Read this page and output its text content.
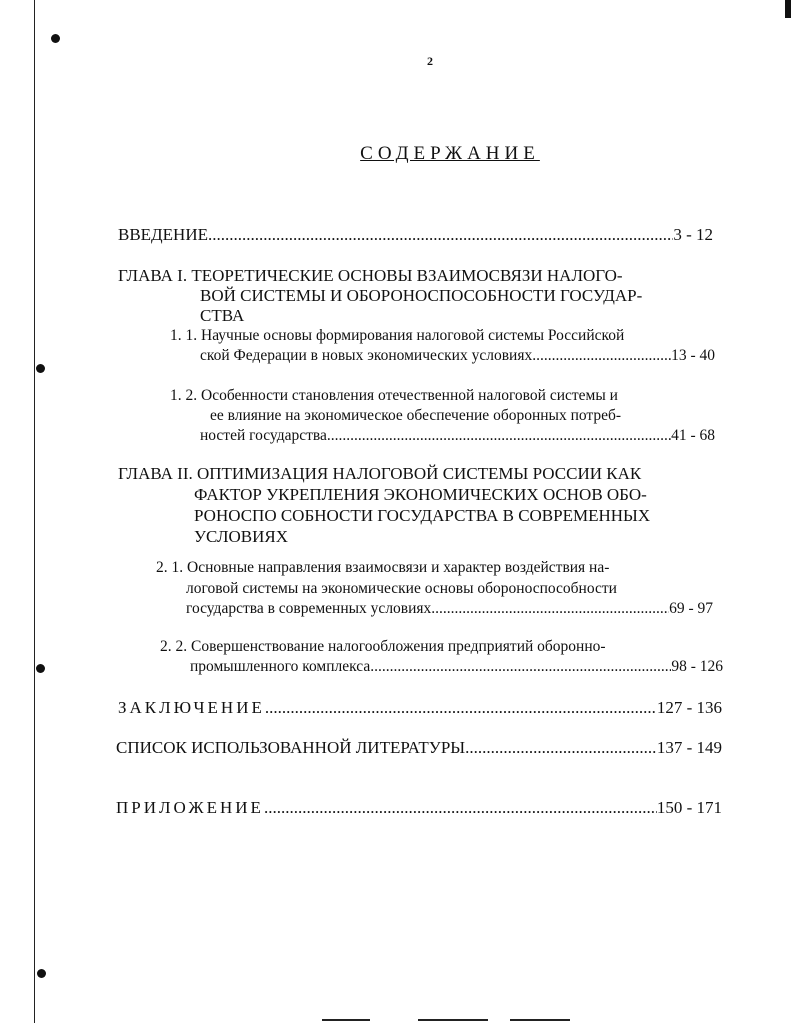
2
СОДЕРЖАНИЕ
ВВЕДЕНИЕ .....	3 - 12
ГЛАВА I. ТЕОРЕТИЧЕСКИЕ ОСНОВЫ ВЗАИМОСВЯЗИ НАЛОГО-
ВОЙ СИСТЕМЫ И ОБОРОНОСПОСОБНОСТИ ГОСУДАР-
СТВА
1. 1. Научные основы формирования налоговой системы Российской
ской Федерации в новых экономических условиях .....	13 - 40
1. 2. Особенности становления отечественной налоговой системы и
ее влияние на экономическое обеспечение оборонных потреб-
ностей государства .....	41 - 68
ГЛАВА II. ОПТИМИЗАЦИЯ НАЛОГОВОЙ СИСТЕМЫ РОССИИ КАК
ФАКТОР УКРЕПЛЕНИЯ ЭКОНОМИЧЕСКИХ ОСНОВ ОБО-
РОНОСПО СОБНОСТИ ГОСУДАРСТВА В СОВРЕМЕННЫХ
УСЛОВИЯХ
2. 1. Основные направления взаимосвязи и характер воздействия на-
логовой системы на экономические основы обороноспособности
государства в современных условиях .....	69 - 97
2. 2. Совершенствование налогообложения предприятий оборонно-
промышленного комплекса .....	98 - 126
ЗАКЛЮЧЕНИЕ .....	127 - 136
СПИСОК ИСПОЛЬЗОВАННОЙ ЛИТЕРАТУРЫ .....	137 - 149
ПРИЛОЖЕНИЕ .....	150 - 171
